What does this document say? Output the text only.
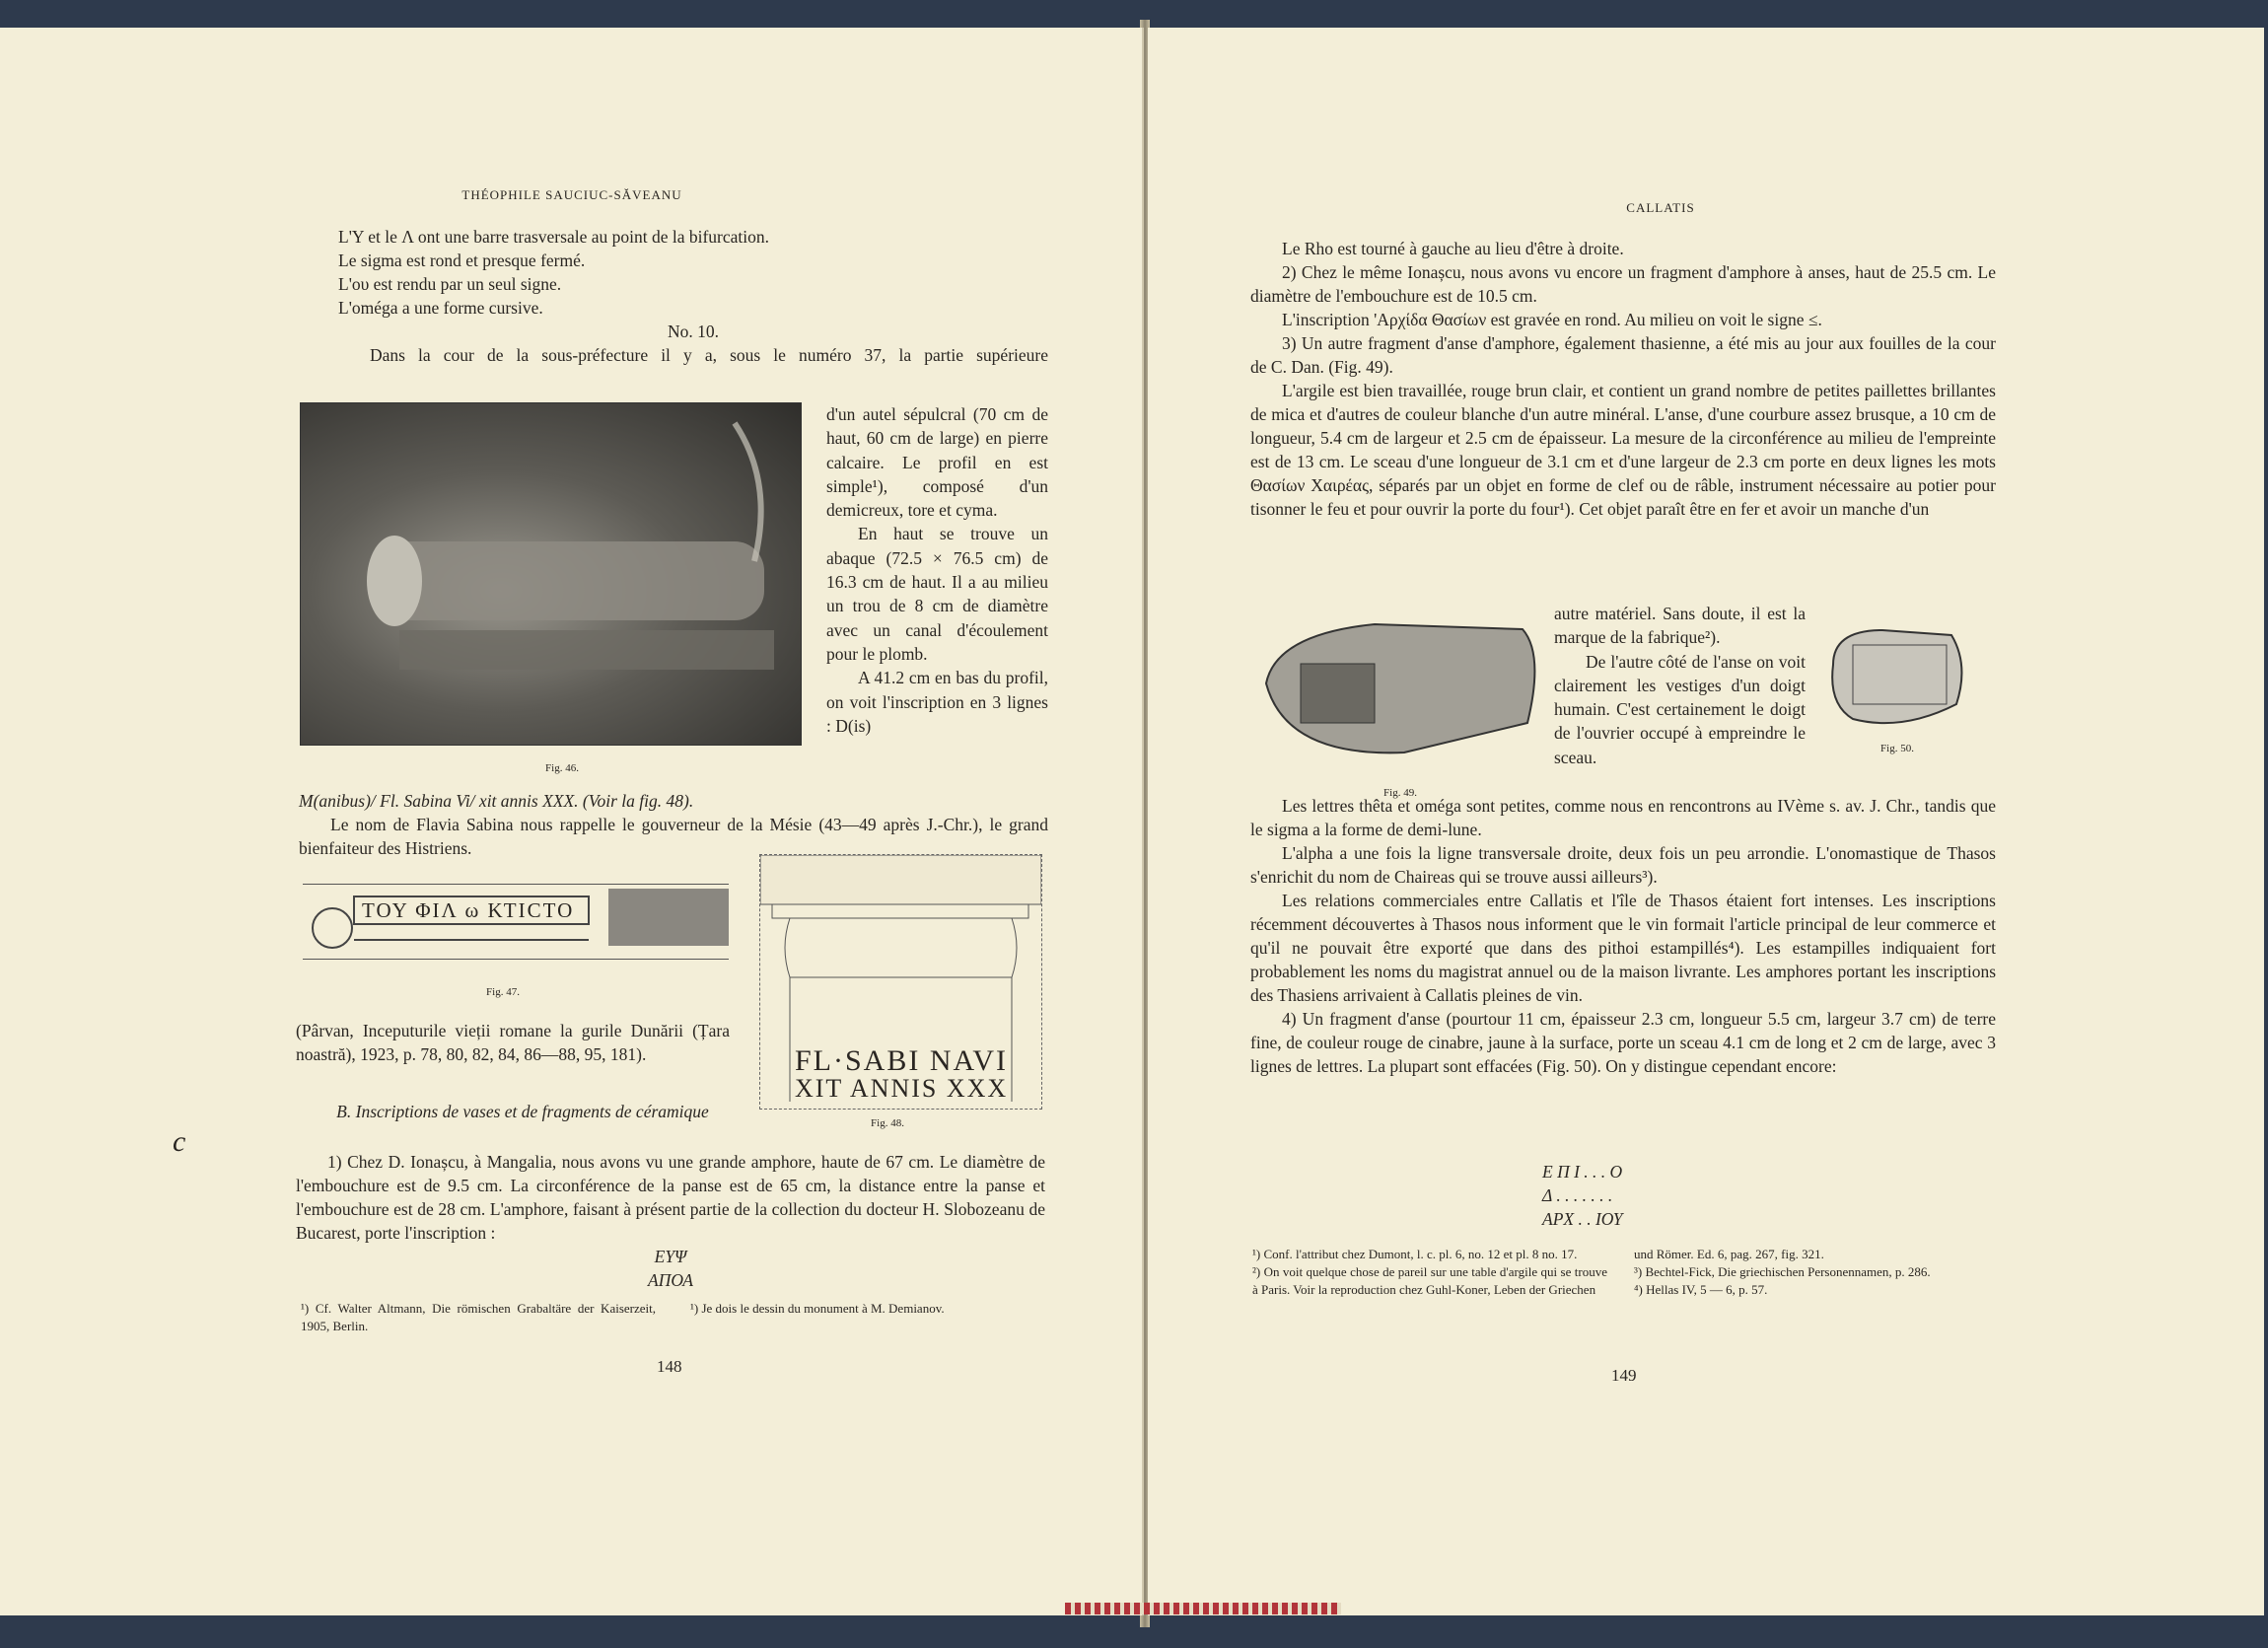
THÉOPHILE SAUCIUC-SĂVEANU

L'Y et le Λ ont une barre trasversale au point de la bifurcation.

Le sigma est rond et presque fermé.

L'ου est rendu par un seul signe.

L'oméga a une forme cursive.

No. 10.

Dans la cour de la sous-préfecture il y a, sous le numéro 37, la partie supérieure

Fig. 46.

d'un autel sépulcral (70 cm de haut, 60 cm de large) en pierre calcaire. Le profil en est simple¹), composé d'un demicreux, tore et cyma.

En haut se trouve un abaque (72.5 × 76.5 cm) de 16.3 cm de haut. Il a au milieu un trou de 8 cm de diamètre avec un canal d'écoulement pour le plomb.

A 41.2 cm en bas du profil, on voit l'inscription en 3 lignes : D(is)

M(anibus)/ Fl. Sabina Vi/ xit annis XXX. (Voir la fig. 48).

Le nom de Flavia Sabina nous rappelle le gouverneur de la Mésie (43—49 après J.-Chr.), le grand bienfaiteur des Histriens.

ΤΟΥ ΦΙΛ ω ΚΤΙCΤΟ
Fig. 47.
(Pârvan, Inceputurile vieții romane la gurile Dunării (Țara noastră), 1923, p. 78, 80, 82, 84, 86—88, 95, 181).	FL·SABI NAVI
XIT ANNIS XXX
Fig. 48.
B. Inscriptions de vases et de fragments de céramique
c

1) Chez D. Ionașcu, à Mangalia, nous avons vu une grande amphore, haute de 67 cm. Le diamètre de l'embouchure est de 9.5 cm. La circonférence de la panse est de 65 cm, la distance entre la panse et l'embouchure est de 28 cm. L'amphore, faisant à présent partie de la collection du docteur H. Slobozeanu de Bucarest, porte l'inscription :

ΕΥΨ

ΑΠΟΑ

¹) Cf. Walter Altmann, Die römischen Grabaltäre der Kaiserzeit, 1905, Berlin.
¹) Je dois le dessin du monument à M. Demianov.
148
CALLATIS

Le Rho est tourné à gauche au lieu d'être à droite.

2) Chez le même Ionașcu, nous avons vu encore un fragment d'amphore à anses, haut de 25.5 cm. Le diamètre de l'embouchure est de 10.5 cm.

L'inscription 'Αρχίδα Θασίων est gravée en rond. Au milieu on voit le signe ≤.

3) Un autre fragment d'anse d'amphore, également thasienne, a été mis au jour aux fouilles de la cour de C. Dan. (Fig. 49).

L'argile est bien travaillée, rouge brun clair, et contient un grand nombre de petites paillettes brillantes de mica et d'autres de couleur blanche d'un autre minéral. L'anse, d'une courbure assez brusque, a 10 cm de longueur, 5.4 cm de largeur et 2.5 cm de épaisseur. La mesure de la circonférence au milieu de l'empreinte est de 13 cm. Le sceau d'une longueur de 3.1 cm et d'une largeur de 2.3 cm porte en deux lignes les mots Θασίων Χαιρέας, séparés par un objet en forme de clef ou de râble, instrument nécessaire au potier pour tisonner le feu et pour ouvrir la porte du four¹). Cet objet paraît être en fer et avoir un manche d'un

Fig. 49.

autre matériel. Sans doute, il est la marque de la fabrique²).

De l'autre côté de l'anse on voit clairement les vestiges d'un doigt humain. C'est certainement le doigt de l'ouvrier occupé à empreindre le sceau.	Fig. 50.

Les lettres thêta et oméga sont petites, comme nous en rencontrons au IVème s. av. J. Chr., tandis que le sigma a la forme de demi-lune.

L'alpha a une fois la ligne transversale droite, deux fois un peu arrondie. L'onomastique de Thasos s'enrichit du nom de Chaireas qui se trouve aussi ailleurs³).

Les relations commerciales entre Callatis et l'île de Thasos étaient fort intenses. Les inscriptions récemment découvertes à Thasos nous informent que le vin formait l'article principal de leur commerce et qu'il ne pouvait être exporté que dans des pithoi estampillés⁴). Les estampilles indiquaient fort probablement les noms du magistrat annuel ou de la maison livrante. Les amphores portant les inscriptions des Thasiens arrivaient à Callatis pleines de vin.

4) Un fragment d'anse (pourtour 11 cm, épaisseur 2.3 cm, longueur 5.5 cm, largeur 3.7 cm) de terre fine, de couleur rouge de cinabre, jaune à la surface, porte un sceau 4.1 cm de long et 2 cm de large, avec 3 lignes de lettres. La plupart sont effacées (Fig. 50). On y distingue cependant encore:

Ε Π Ι . . . Ο

Δ . . . . . . .

ΑΡΧ . . ΙΟΥ

¹) Conf. l'attribut chez Dumont, l. c. pl. 6, no. 12 et pl. 8 no. 17.

²) On voit quelque chose de pareil sur une table d'argile qui se trouve à Paris. Voir la reproduction chez Guhl-Koner, Leben der Griechen

und Römer. Ed. 6, pag. 267, fig. 321.

³) Bechtel-Fick, Die griechischen Personennamen, p. 286.

⁴) Hellas IV, 5 — 6, p. 57.

149
